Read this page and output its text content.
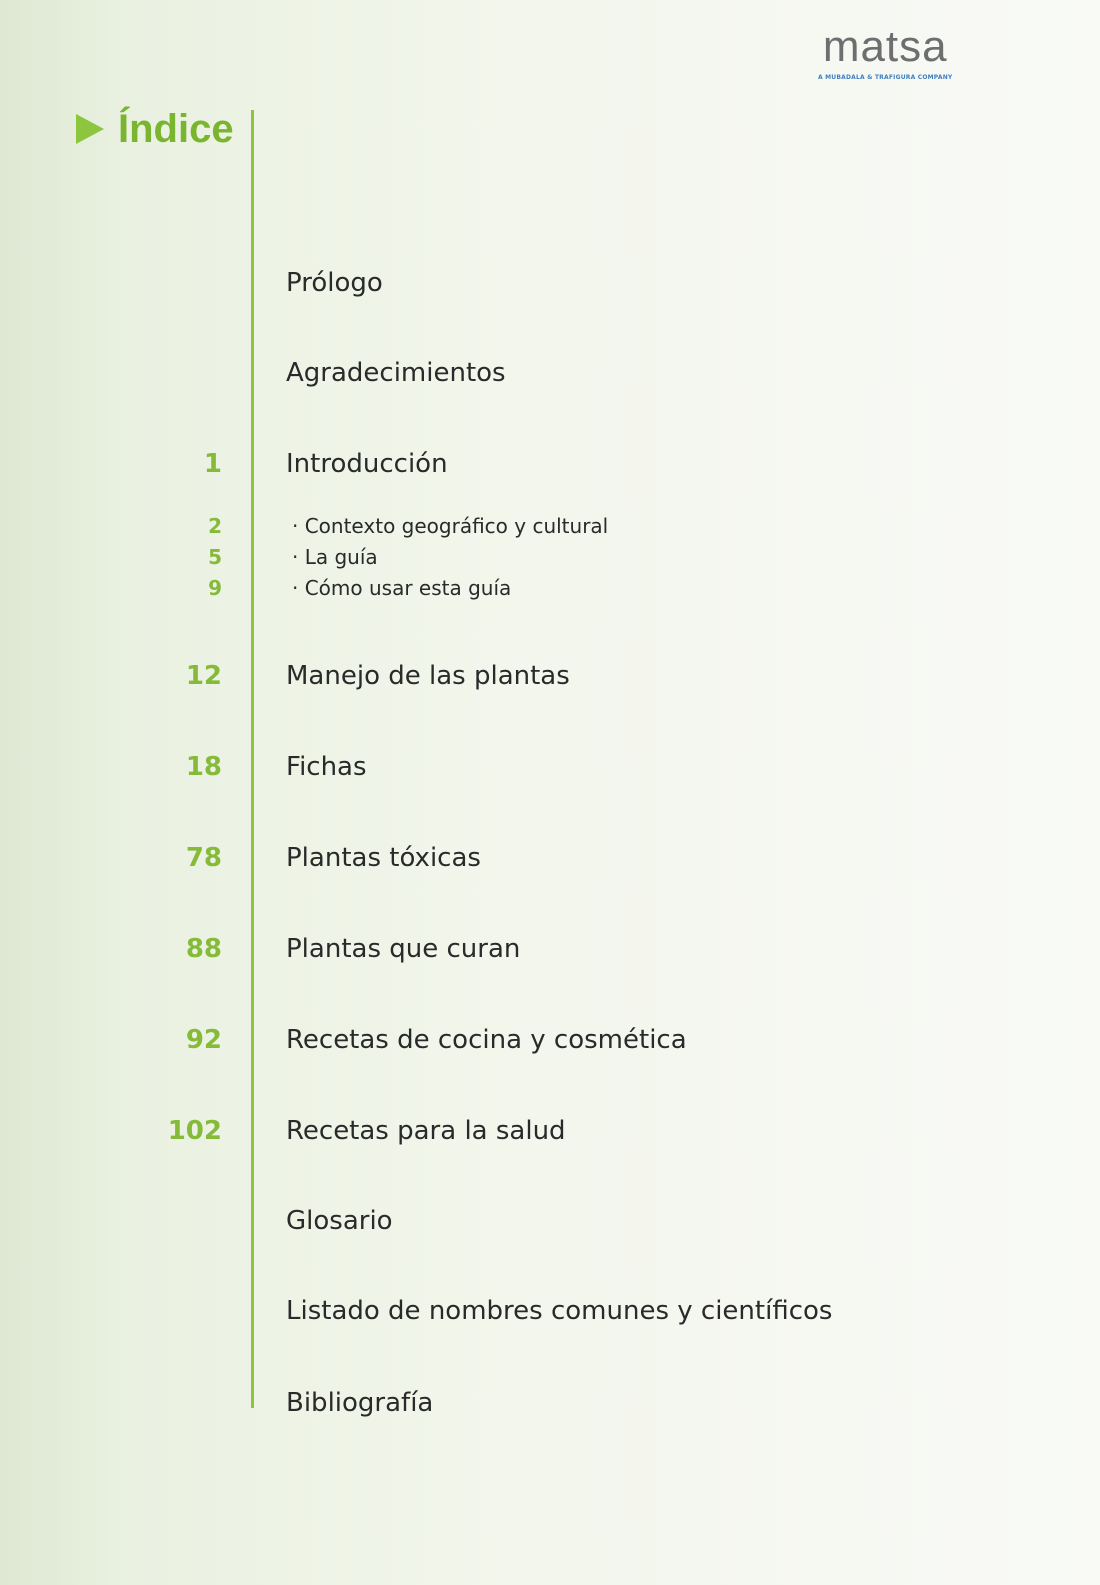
matsa
A MUBADALA & TRAFIGURA COMPANY
Índice
Prólogo
Agradecimientos
1 Introducción
2	· Contexto geográfico y cultural
5	· La guía
9	· Cómo usar esta guía
12 Manejo de las plantas
18 Fichas
78 Plantas tóxicas
88 Plantas que curan
92 Recetas de cocina y cosmética
102 Recetas para la salud
Glosario
Listado de nombres comunes y científicos
Bibliografía
